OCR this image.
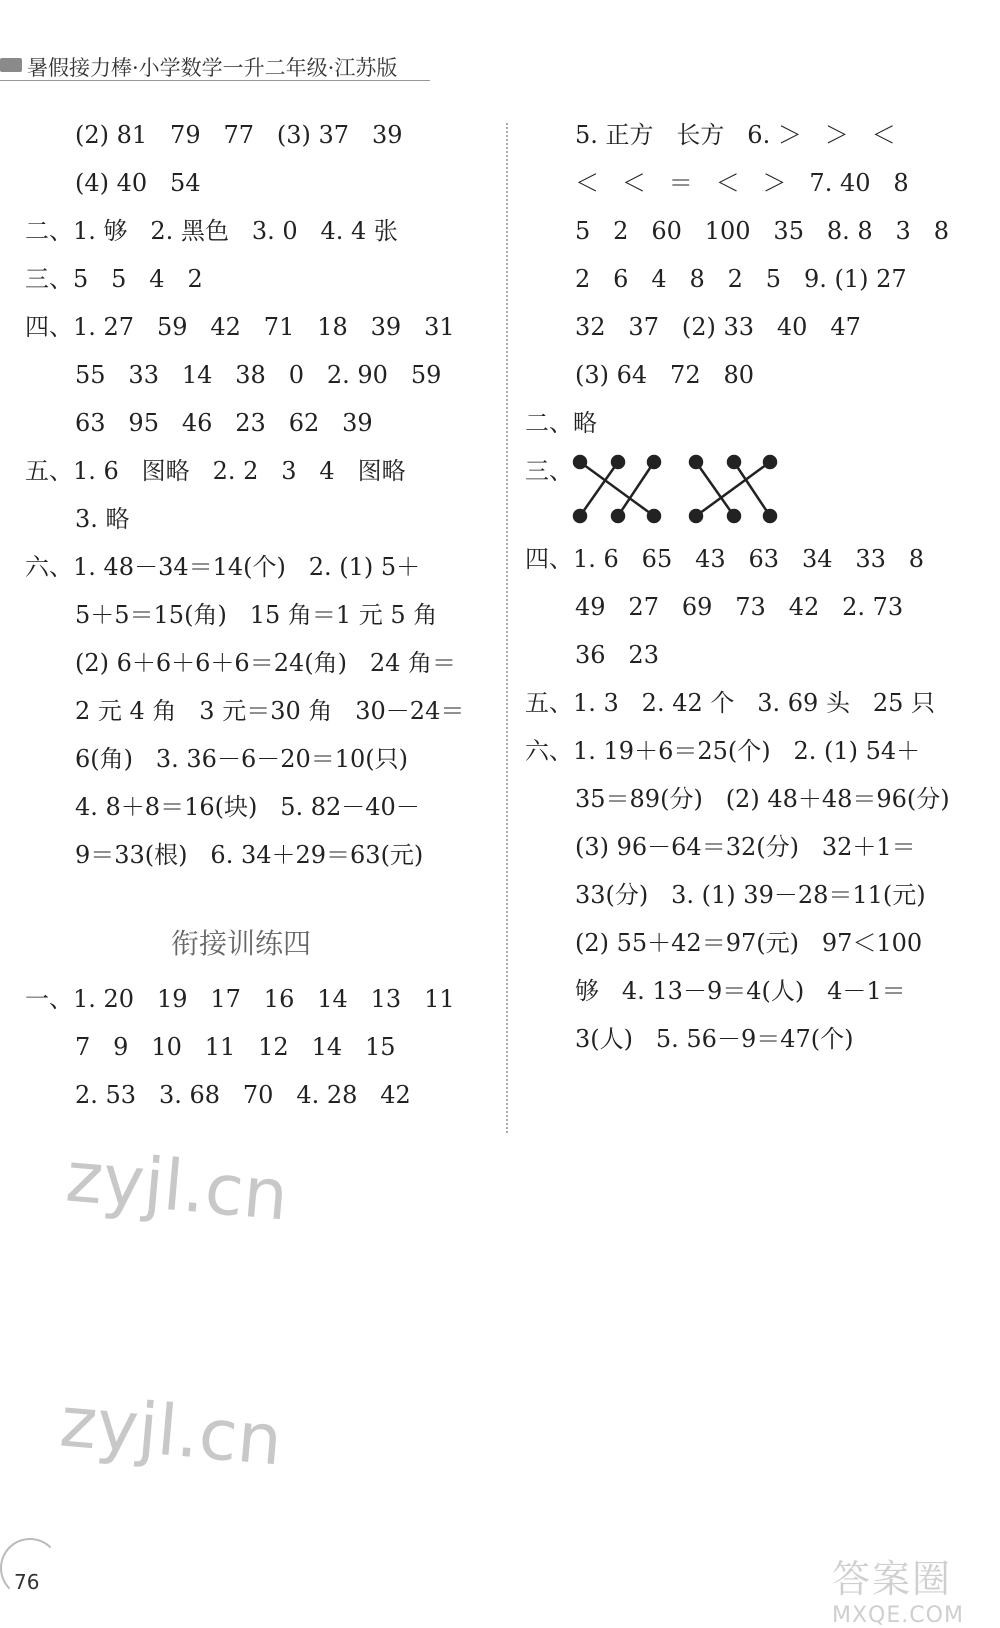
暑假接力棒·小学数学一升二年级·江苏版
(2) 81   79   77   (3) 37   39
(4) 40   54
二、1. 够   2. 黑色   3. 0   4. 4 张
三、5   5   4   2
四、1. 27   59   42   71   18   39   31
55   33   14   38   0   2. 90   59
63   95   46   23   62   39
五、1. 6   图略   2. 2   3   4   图略
3. 略
六、1. 48－34＝14(个)   2. (1) 5＋
5＋5＝15(角)   15 角＝1 元 5 角
(2) 6＋6＋6＋6＝24(角)   24 角＝
2 元 4 角   3 元＝30 角   30－24＝
6(角)   3. 36－6－20＝10(只)
4. 8＋8＝16(块)   5. 82－40－
9＝33(根)   6. 34＋29＝63(元)
衔接训练四
一、1. 20   19   17   16   14   13   11
7   9   10   11   12   14   15
2. 53   3. 68   70   4. 28   42
5. 正方   长方   6. ＞   ＞   ＜
＜   ＜   ＝   ＜   ＞   7. 40   8
5   2   60   100   35   8. 8   3   8
2   6   4   8   2   5   9. (1) 27
32   37   (2) 33   40   47
(3) 64   72   80
二、略
三、
四、1. 6   65   43   63   34   33   8
49   27   69   73   42   2. 73
36   23
五、1. 3   2. 42 个   3. 69 头   25 只
六、1. 19＋6＝25(个)   2. (1) 54＋
35＝89(分)   (2) 48＋48＝96(分)
(3) 96－64＝32(分)   32＋1＝
33(分)   3. (1) 39－28＝11(元)
(2) 55＋42＝97(元)   97＜100
够   4. 13－9＝4(人)   4－1＝
3(人)   5. 56－9＝47(个)
zyjl.cn
zyjl.cn
76	答案圈
MXQE.COM
